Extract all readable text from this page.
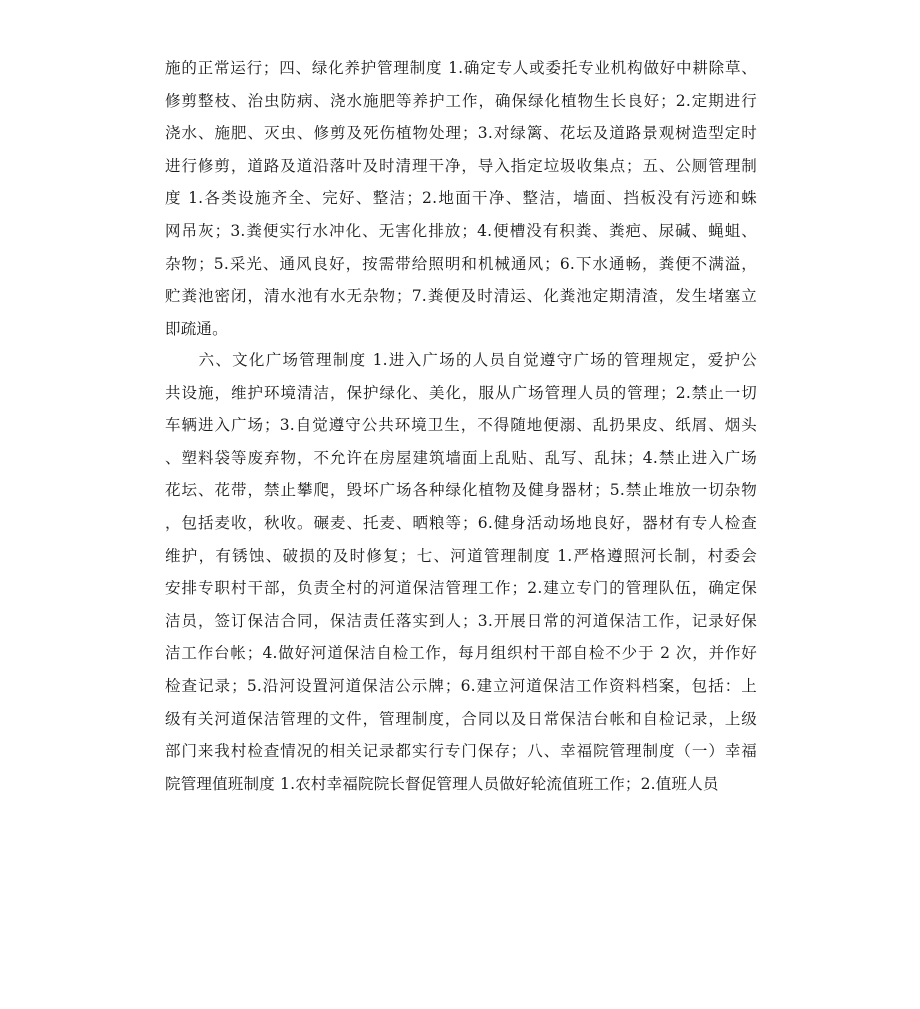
施的正常运行；四、绿化养护管理制度 1.确定专人或委托专业机构做好中耕除草、
修剪整枝、治虫防病、浇水施肥等养护工作，确保绿化植物生长良好；2.定期进行
浇水、施肥、灭虫、修剪及死伤植物处理；3.对绿篱、花坛及道路景观树造型定时
进行修剪，道路及道沿落叶及时清理干净，导入指定垃圾收集点；五、公厕管理制
度 1.各类设施齐全、完好、整洁；2.地面干净、整洁，墙面、挡板没有污迹和蛛
网吊灰；3.粪便实行水冲化、无害化排放；4.便槽没有积粪、粪疤、尿碱、蝇蛆、
杂物；5.采光、通风良好，按需带给照明和机械通风；6.下水通畅，粪便不满溢，
贮粪池密闭，清水池有水无杂物；7.粪便及时清运、化粪池定期清渣，发生堵塞立
即疏通。
　　六、文化广场管理制度 1.进入广场的人员自觉遵守广场的管理规定，爱护公
共设施，维护环境清洁，保护绿化、美化，服从广场管理人员的管理；2.禁止一切
车辆进入广场；3.自觉遵守公共环境卫生，不得随地便溺、乱扔果皮、纸屑、烟头
、塑料袋等废弃物，不允许在房屋建筑墙面上乱贴、乱写、乱抹；4.禁止进入广场
花坛、花带，禁止攀爬，毁坏广场各种绿化植物及健身器材；5.禁止堆放一切杂物
，包括麦收，秋收。碾麦、托麦、晒粮等；6.健身活动场地良好，器材有专人检查
维护，有锈蚀、破损的及时修复；七、河道管理制度 1.严格遵照河长制，村委会
安排专职村干部，负责全村的河道保洁管理工作；2.建立专门的管理队伍，确定保
洁员，签订保洁合同，保洁责任落实到人；3.开展日常的河道保洁工作，记录好保
洁工作台帐；4.做好河道保洁自检工作，每月组织村干部自检不少于 2 次，并作好
检查记录；5.沿河设置河道保洁公示牌；6.建立河道保洁工作资料档案，包括：上
级有关河道保洁管理的文件，管理制度，合同以及日常保洁台帐和自检记录，上级
部门来我村检查情况的相关记录都实行专门保存；八、幸福院管理制度（一）幸福
院管理值班制度 1.农村幸福院院长督促管理人员做好轮流值班工作；2.值班人员
